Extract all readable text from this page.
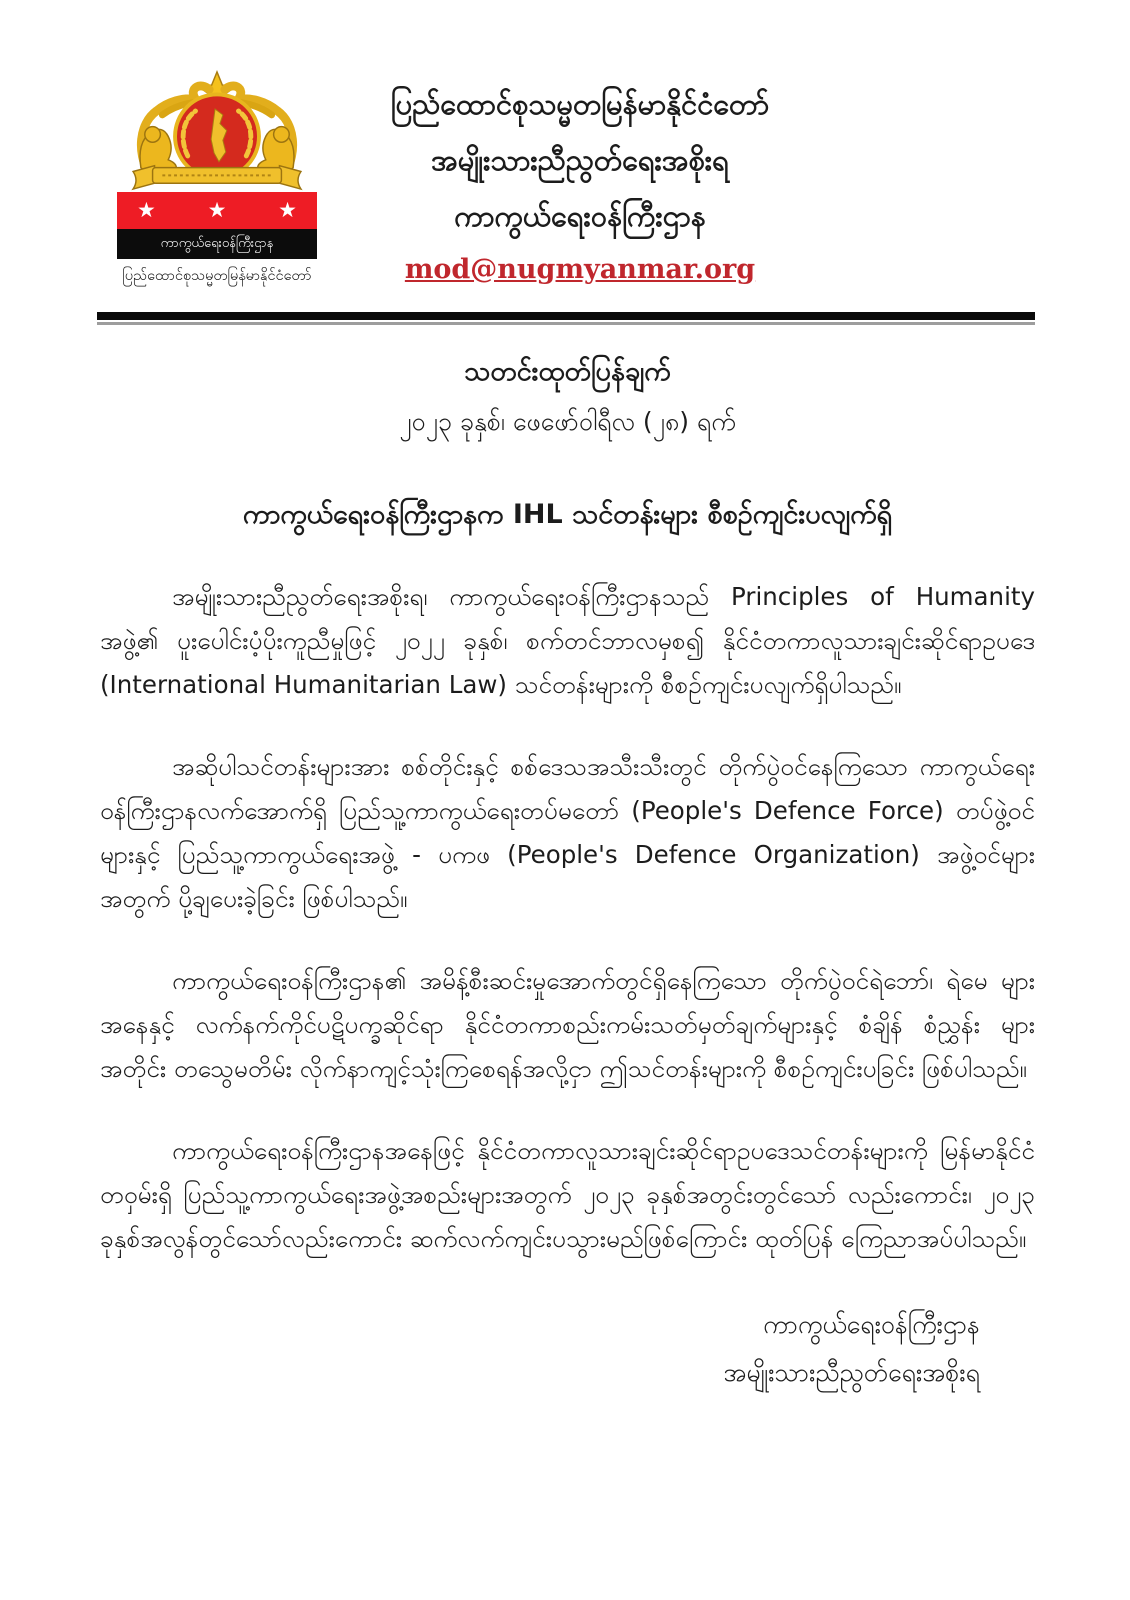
★ ★ ★
ကာကွယ်ရေးဝန်ကြီးဌာန
ပြည်ထောင်စုသမ္မတမြန်မာနိုင်ငံတော်
ပြည်ထောင်စုသမ္မတမြန်မာနိုင်ငံတော်
အမျိုးသားညီညွတ်ရေးအစိုးရ
ကာကွယ်ရေးဝန်ကြီးဌာန
mod@nugmyanmar.org
သတင်းထုတ်ပြန်ချက်
၂၀၂၃ ခုနှစ်၊ ဖေဖော်ဝါရီလ (၂၈) ရက်
ကာကွယ်ရေးဝန်ကြီးဌာနက IHL သင်တန်းများ စီစဉ်ကျင်းပလျက်ရှိ

အမျိုးသားညီညွတ်ရေးအစိုးရ၊ ကာကွယ်ရေးဝန်ကြီးဌာနသည် Principles of Humanity အဖွဲ့၏ ပူးပေါင်းပံ့ပိုးကူညီမှုဖြင့် ၂၀၂၂ ခုနှစ်၊ စက်တင်ဘာလမှစ၍ နိုင်ငံတကာလူသားချင်းဆိုင်ရာဥပဒေ (International Humanitarian Law) သင်တန်းများကို စီစဉ်ကျင်းပလျက်ရှိပါသည်။

အဆိုပါသင်တန်းများအား စစ်တိုင်းနှင့် စစ်ဒေသအသီးသီးတွင် တိုက်ပွဲဝင်နေကြသော ကာကွယ်ရေးဝန်ကြီးဌာနလက်အောက်ရှိ ပြည်သူ့ကာကွယ်ရေးတပ်မတော် (People's Defence Force) တပ်ဖွဲ့ဝင်များနှင့် ပြည်သူ့ကာကွယ်ရေးအဖွဲ့ - ပကဖ (People's Defence Organization) အဖွဲ့ဝင်များ အတွက် ပို့ချပေးခဲ့ခြင်း ဖြစ်ပါသည်။

ကာကွယ်ရေးဝန်ကြီးဌာန၏ အမိန့်စီးဆင်းမှုအောက်တွင်ရှိနေကြသော တိုက်ပွဲဝင်ရဲဘော်၊ ရဲမေ များအနေနှင့် လက်နက်ကိုင်ပဋိပက္ခဆိုင်ရာ နိုင်ငံတကာစည်းကမ်းသတ်မှတ်ချက်များနှင့် စံချိန် စံညွှန်း များအတိုင်း တသွေမတိမ်း လိုက်နာကျင့်သုံးကြစေရန်အလို့ငှာ ဤသင်တန်းများကို စီစဉ်ကျင်းပခြင်း ဖြစ်ပါသည်။

ကာကွယ်ရေးဝန်ကြီးဌာနအနေဖြင့် နိုင်ငံတကာလူသားချင်းဆိုင်ရာဥပဒေသင်တန်းများကို မြန်မာနိုင်ငံတဝှမ်းရှိ ပြည်သူ့ကာကွယ်ရေးအဖွဲ့အစည်းများအတွက် ၂၀၂၃ ခုနှစ်အတွင်းတွင်သော် လည်းကောင်း၊ ၂၀၂၃ ခုနှစ်အလွန်တွင်သော်လည်းကောင်း ဆက်လက်ကျင်းပသွားမည်ဖြစ်ကြောင်း ထုတ်ပြန် ကြေညာအပ်ပါသည်။

ကာကွယ်ရေးဝန်ကြီးဌာန
အမျိုးသားညီညွတ်ရေးအစိုးရ
